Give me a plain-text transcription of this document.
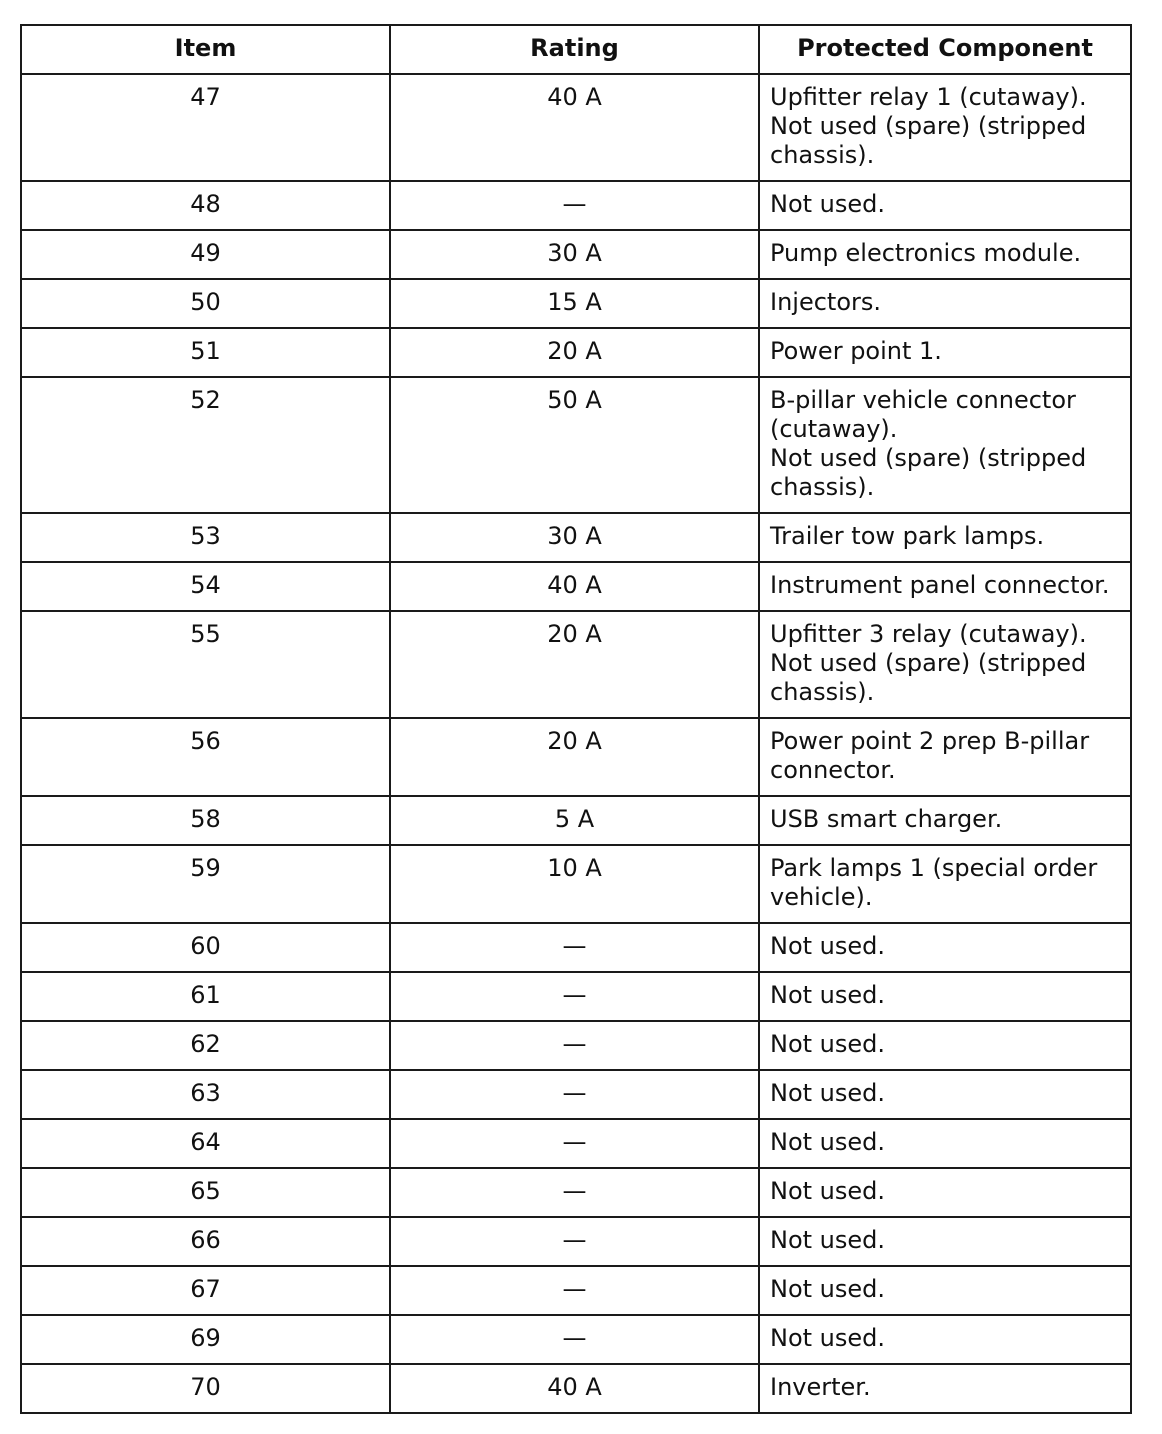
Item	Rating	Protected Component
47	40 A	Upfitter relay 1 (cutaway).
Not used (spare) (stripped
chassis).

48	—	Not used.

49	30 A	Pump electronics module.

50	15 A	Injectors.

51	20 A	Power point 1.

52	50 A	B-pillar vehicle connector
(cutaway).
Not used (spare) (stripped
chassis).

53	30 A	Trailer tow park lamps.

54	40 A	Instrument panel connector.

55	20 A	Upfitter 3 relay (cutaway).
Not used (spare) (stripped
chassis).

56	20 A	Power point 2 prep B-pillar
connector.

58	5 A	USB smart charger.

59	10 A	Park lamps 1 (special order
vehicle).

60	—	Not used.

61	—	Not used.

62	—	Not used.

63	—	Not used.

64	—	Not used.

65	—	Not used.

66	—	Not used.

67	—	Not used.

69	—	Not used.

70	40 A	Inverter.
